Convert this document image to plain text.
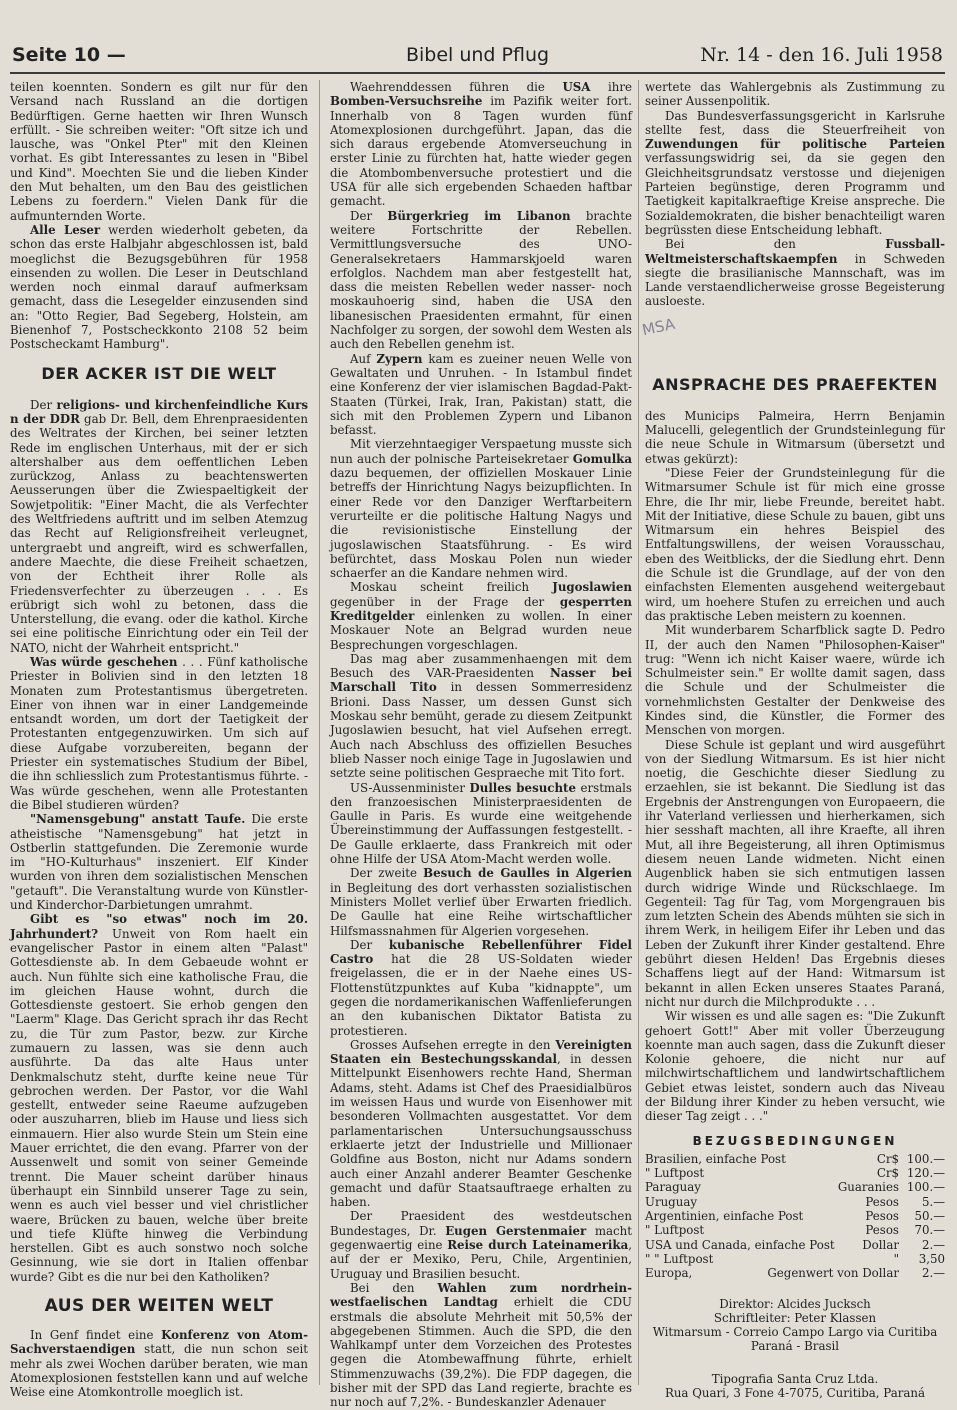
Seite 10 —	Bibel und Pflug	Nr. 14 - den 16. Juli 1958

teilen koennten. Sondern es gilt nur für den Versand nach Russland an die dortigen Bedürftigen. Gerne haetten wir Ihren Wunsch erfüllt. - Sie schreiben weiter: "Oft sitze ich und lausche, was "Onkel Pter" mit den Kleinen vorhat. Es gibt Interessantes zu lesen in "Bibel und Kind". Moechten Sie und die lieben Kinder den Mut behalten, um den Bau des geistlichen Lebens zu foerdern." Vielen Dank für die aufmunternden Worte.

Alle Leser werden wiederholt gebeten, da schon das erste Halbjahr abgeschlossen ist, bald moeglichst die Bezugsgebühren für 1958 einsenden zu wollen. Die Leser in Deutschland werden noch einmal darauf aufmerksam gemacht, dass die Lesegelder einzusenden sind an: "Otto Regier, Bad Segeberg, Holstein, am Bienenhof 7, Postscheckkonto 2108 52 beim Postscheckamt Hamburg".

DER ACKER IST DIE WELT

Der religions- und kirchenfeindliche Kurs n der DDR gab Dr. Bell, dem Ehrenpraesidenten des Weltrates der Kirchen, bei seiner letzten Rede im englischen Unterhaus, mit der er sich altershalber aus dem oeffentlichen Leben zurückzog, Anlass zu beachtenswerten Aeusserungen über die Zwiespaeltigkeit der Sowjetpolitik: "Einer Macht, die als Verfechter des Weltfriedens auftritt und im selben Atemzug das Recht auf Religionsfreiheit verleugnet, untergraebt und angreift, wird es schwerfallen, andere Maechte, die diese Freiheit schaetzen, von der Echtheit ihrer Rolle als Friedensverfechter zu überzeugen . . . Es erübrigt sich wohl zu betonen, dass die Unterstellung, die evang. oder die kathol. Kirche sei eine politische Einrichtung oder ein Teil der NATO, nicht der Wahrheit entspricht."

Was würde geschehen . . . Fünf katholische Priester in Bolivien sind in den letzten 18 Monaten zum Protestantismus übergetreten. Einer von ihnen war in einer Landgemeinde entsandt worden, um dort der Taetigkeit der Protestanten entgegenzuwirken. Um sich auf diese Aufgabe vorzubereiten, begann der Priester ein systematisches Studium der Bibel, die ihn schliesslich zum Protestantismus führte. - Was würde geschehen, wenn alle Protestanten die Bibel studieren würden?

"Namensgebung" anstatt Taufe. Die erste atheistische "Namensgebung" hat jetzt in Ostberlin stattgefunden. Die Zeremonie wurde im "HO-Kulturhaus" inszeniert. Elf Kinder wurden von ihren dem sozialistischen Menschen "getauft". Die Veranstaltung wurde von Künstler- und Kinderchor-Darbietungen umrahmt.

Gibt es "so etwas" noch im 20. Jahrhundert? Unweit von Rom haelt ein evangelischer Pastor in einem alten "Palast" Gottesdienste ab. In dem Gebaeude wohnt er auch. Nun fühlte sich eine katholische Frau, die im gleichen Hause wohnt, durch die Gottesdienste gestoert. Sie erhob gengen den "Laerm" Klage. Das Gericht sprach ihr das Recht zu, die Tür zum Pastor, bezw. zur Kirche zumauern zu lassen, was sie denn auch ausführte. Da das alte Haus unter Denkmalschutz steht, durfte keine neue Tür gebrochen werden. Der Pastor, vor die Wahl gestellt, entweder seine Raeume aufzugeben oder auszuharren, blieb im Hause und liess sich einmauern. Hier also wurde Stein um Stein eine Mauer errichtet, die den evang. Pfarrer von der Aussenwelt und somit von seiner Gemeinde trennt. Die Mauer scheint darüber hinaus überhaupt ein Sinnbild unserer Tage zu sein, wenn es auch viel besser und viel christlicher waere, Brücken zu bauen, welche über breite und tiefe Klüfte hinweg die Verbindung herstellen. Gibt es auch sonstwo noch solche Gesinnung, wie sie dort in Italien offenbar wurde? Gibt es die nur bei den Katholiken?

AUS DER WEITEN WELT

In Genf findet eine Konferenz von Atom-Sachverstaendigen statt, die nun schon seit mehr als zwei Wochen darüber beraten, wie man Atomexplosionen feststellen kann und auf welche Weise eine Atomkontrolle moeglich ist.

Waehrenddessen führen die USA ihre Bomben-Versuchsreihe im Pazifik weiter fort. Innerhalb von 8 Tagen wurden fünf Atomexplosionen durchgeführt. Japan, das die sich daraus ergebende Atomverseuchung in erster Linie zu fürchten hat, hatte wieder gegen die Atombombenversuche protestiert und die USA für alle sich ergebenden Schaeden haftbar gemacht.

Der Bürgerkrieg im Libanon brachte weitere Fortschritte der Rebellen. Vermittlungsversuche des UNO-Generalsekretaers Hammarskjoeld waren erfolglos. Nachdem man aber festgestellt hat, dass die meisten Rebellen weder nasser- noch moskauhoerig sind, haben die USA den libanesischen Praesidenten ermahnt, für einen Nachfolger zu sorgen, der sowohl dem Westen als auch den Rebellen genehm ist.

Auf Zypern kam es zueiner neuen Welle von Gewaltaten und Unruhen. - In Istambul findet eine Konferenz der vier islamischen Bagdad-Pakt-Staaten (Türkei, Irak, Iran, Pakistan) statt, die sich mit den Problemen Zypern und Libanon befasst.

Mit vierzehntaegiger Verspaetung musste sich nun auch der polnische Parteisekretaer Gomulka dazu bequemen, der offiziellen Moskauer Linie betreffs der Hinrichtung Nagys beizupflichten. In einer Rede vor den Danziger Werftarbeitern verurteilte er die politische Haltung Nagys und die revisionistische Einstellung der jugoslawischen Staatsführung. - Es wird befürchtet, dass Moskau Polen nun wieder schaerfer an die Kandare nehmen wird.

Moskau scheint freilich Jugoslawien gegenüber in der Frage der gesperrten Kreditgelder einlenken zu wollen. In einer Moskauer Note an Belgrad wurden neue Besprechungen vorgeschlagen.

Das mag aber zusammenhaengen mit dem Besuch des VAR-Praesidenten Nasser bei Marschall Tito in dessen Sommerresidenz Brioni. Dass Nasser, um dessen Gunst sich Moskau sehr bemüht, gerade zu diesem Zeitpunkt Jugoslawien besucht, hat viel Aufsehen erregt. Auch nach Abschluss des offiziellen Besuches blieb Nasser noch einige Tage in Jugoslawien und setzte seine politischen Gespraeche mit Tito fort.

US-Aussenminister Dulles besuchte erstmals den franzoesischen Ministerpraesidenten de Gaulle in Paris. Es wurde eine weitgehende Übereinstimmung der Auffassungen festgestellt. - De Gaulle erklaerte, dass Frankreich mit oder ohne Hilfe der USA Atom-Macht werden wolle.

Der zweite Besuch de Gaulles in Algerien in Begleitung des dort verhassten sozialistischen Ministers Mollet verlief über Erwarten friedlich. De Gaulle hat eine Reihe wirtschaftlicher Hilfsmassnahmen für Algerien vorgesehen.

Der kubanische Rebellenführer Fidel Castro hat die 28 US-Soldaten wieder freigelassen, die er in der Naehe eines US-Flottenstützpunktes auf Kuba "kidnappte", um gegen die nordamerikanischen Waffenlieferungen an den kubanischen Diktator Batista zu protestieren.

Grosses Aufsehen erregte in den Vereinigten Staaten ein Bestechungsskandal, in dessen Mittelpunkt Eisenhowers rechte Hand, Sherman Adams, steht. Adams ist Chef des Praesidialbüros im weissen Haus und wurde von Eisenhower mit besonderen Vollmachten ausgestattet. Vor dem parlamentarischen Untersuchungsausschuss erklaerte jetzt der Industrielle und Millionaer Goldfine aus Boston, nicht nur Adams sondern auch einer Anzahl anderer Beamter Geschenke gemacht und dafür Staatsauftraege erhalten zu haben.

Der Praesident des westdeutschen Bundestages, Dr. Eugen Gerstenmaier macht gegenwaertig eine Reise durch Lateinamerika, auf der er Mexiko, Peru, Chile, Argentinien, Uruguay und Brasilien besucht.

Bei den Wahlen zum nordrhein-westfaelischen Landtag erhielt die CDU erstmals die absolute Mehrheit mit 50,5% der abgegebenen Stimmen. Auch die SPD, die den Wahlkampf unter dem Vorzeichen des Protestes gegen die Atombewaffnung führte, erhielt Stimmenzuwachs (39,2%). Die FDP dagegen, die bisher mit der SPD das Land regierte, brachte es nur noch auf 7,2%. - Bundeskanzler Adenauer

wertete das Wahlergebnis als Zustimmung zu seiner Aussenpolitik.

Das Bundesverfassungsgericht in Karlsruhe stellte fest, dass die Steuerfreiheit von Zuwendungen für politische Parteien verfassungswidrig sei, da sie gegen den Gleichheitsgrundsatz verstosse und diejenigen Parteien begünstige, deren Programm und Taetigkeit kapitalkraeftige Kreise anspreche. Die Sozialdemokraten, die bisher benachteiligt waren begrüssten diese Entscheidung lebhaft.

Bei den Fussball-Weltmeisterschaftskaempfen in Schweden siegte die brasilianische Mannschaft, was im Lande verstaendlicherweise grosse Begeisterung ausloeste.

ANSPRACHE DES PRAEFEKTEN

des Municips Palmeira, Herrn Benjamin Malucelli, gelegentlich der Grundsteinlegung für die neue Schule in Witmarsum (übersetzt und etwas gekürzt):

"Diese Feier der Grundsteinlegung für die Witmarsumer Schule ist für mich eine grosse Ehre, die Ihr mir, liebe Freunde, bereitet habt. Mit der Initiative, diese Schule zu bauen, gibt uns Witmarsum ein hehres Beispiel des Entfaltungswillens, der weisen Vorausschau, eben des Weitblicks, der die Siedlung ehrt. Denn die Schule ist die Grundlage, auf der von den einfachsten Elementen ausgehend weitergebaut wird, um hoehere Stufen zu erreichen und auch das praktische Leben meistern zu koennen.

Mit wunderbarem Scharfblick sagte D. Pedro II, der auch den Namen "Philosophen-Kaiser" trug: "Wenn ich nicht Kaiser waere, würde ich Schulmeister sein." Er wollte damit sagen, dass die Schule und der Schulmeister die vornehmlichsten Gestalter der Denkweise des Kindes sind, die Künstler, die Former des Menschen von morgen.

Diese Schule ist geplant und wird ausgeführt von der Siedlung Witmarsum. Es ist hier nicht noetig, die Geschichte dieser Siedlung zu erzaehlen, sie ist bekannt. Die Siedlung ist das Ergebnis der Anstrengungen von Europaeern, die ihr Vaterland verliessen und hierherkamen, sich hier sesshaft machten, all ihre Kraefte, all ihren Mut, all ihre Begeisterung, all ihren Optimismus diesem neuen Lande widmeten. Nicht einen Augenblick haben sie sich entmutigen lassen durch widrige Winde und Rückschlaege. Im Gegenteil: Tag für Tag, vom Morgengrauen bis zum letzten Schein des Abends mühten sie sich in ihrem Werk, in heiligem Eifer ihr Leben und das Leben der Zukunft ihrer Kinder gestaltend. Ehre gebührt diesen Helden! Das Ergebnis dieses Schaffens liegt auf der Hand: Witmarsum ist bekannt in allen Ecken unseres Staates Paraná, nicht nur durch die Milchprodukte . . .

Wir wissen es und alle sagen es: "Die Zukunft gehoert Gott!" Aber mit voller Überzeugung koennte man auch sagen, dass die Zukunft dieser Kolonie gehoere, die nicht nur auf milchwirtschaftlichem und landwirtschaftlichem Gebiet etwas leistet, sondern auch das Niveau der Bildung ihrer Kinder zu heben versucht, wie dieser Tag zeigt . . ."

BEZUGSBEDINGUNGEN
Brasilien, einfache Post	Cr$ 100.—
" Luftpost	Cr$ 120.—
Paraguay	Guaranies 100.—
Uruguay	Pesos	5.—
Argentinien, einfache Post	Pesos	50.—
" Luftpost	Pesos	70.—
USA und Canada, einfache Post Dollar	2.—
" " Luftpost	"	3,50
Europa,	Gegenwert von Dollar	2.—
Direktor: Alcides Jucksch
Schriftleiter: Peter Klassen
Witmarsum - Correio Campo Largo via Curitiba
Paraná - Brasil
Tipografia Santa Cruz Ltda.
Rua Quari, 3 Fone 4-7075, Curitiba, Paraná
MSA
